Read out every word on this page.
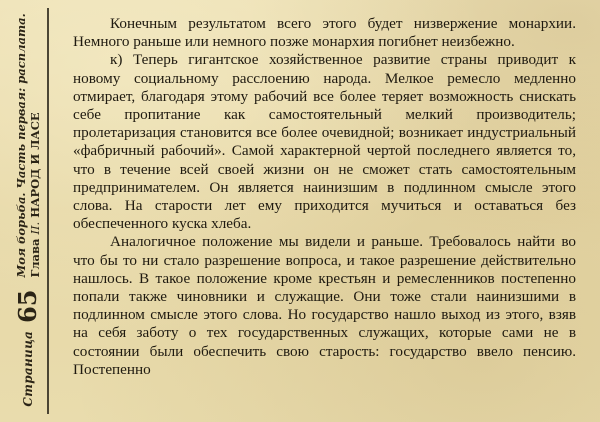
Страница
65
Моя борьба. Часть первая: расплата. Глава II. НАРОД И ЛАСЕ

Конечным результатом всего этого будет низвержение монархии. Немного раньше или немного позже монархия погибнет неизбежно.

к) Теперь гигантское хозяйственное развитие страны приводит к новому социальному расслоению народа. Мелкое ремесло медленно отмирает, благодаря этому рабочий все более теряет возможность снискать себе пропитание как самостоятельный мелкий производитель; пролетаризация становится все более очевидной; возникает индустриальный «фабричный рабочий». Самой характерной чертой последнего является то, что в течение всей своей жизни он не сможет стать самостоятельным предпринимателем. Он является наинизшим в подлинном смысле этого слова. На старости лет ему приходится мучиться и оставаться без обеспеченного куска хлеба.

Аналогичное положение мы видели и раньше. Требовалось найти во что бы то ни стало разрешение вопроса, и такое разрешение действительно нашлось. В такое положение кроме крестьян и ремесленников постепенно попали также чиновники и служащие. Они тоже стали наинизшими в подлинном смысле этого слова. Но государство нашло выход из этого, взяв на себя заботу о тех государственных служащих, которые сами не в состоянии были обеспечить свою старость: государство ввело пенсию. Постепенно
